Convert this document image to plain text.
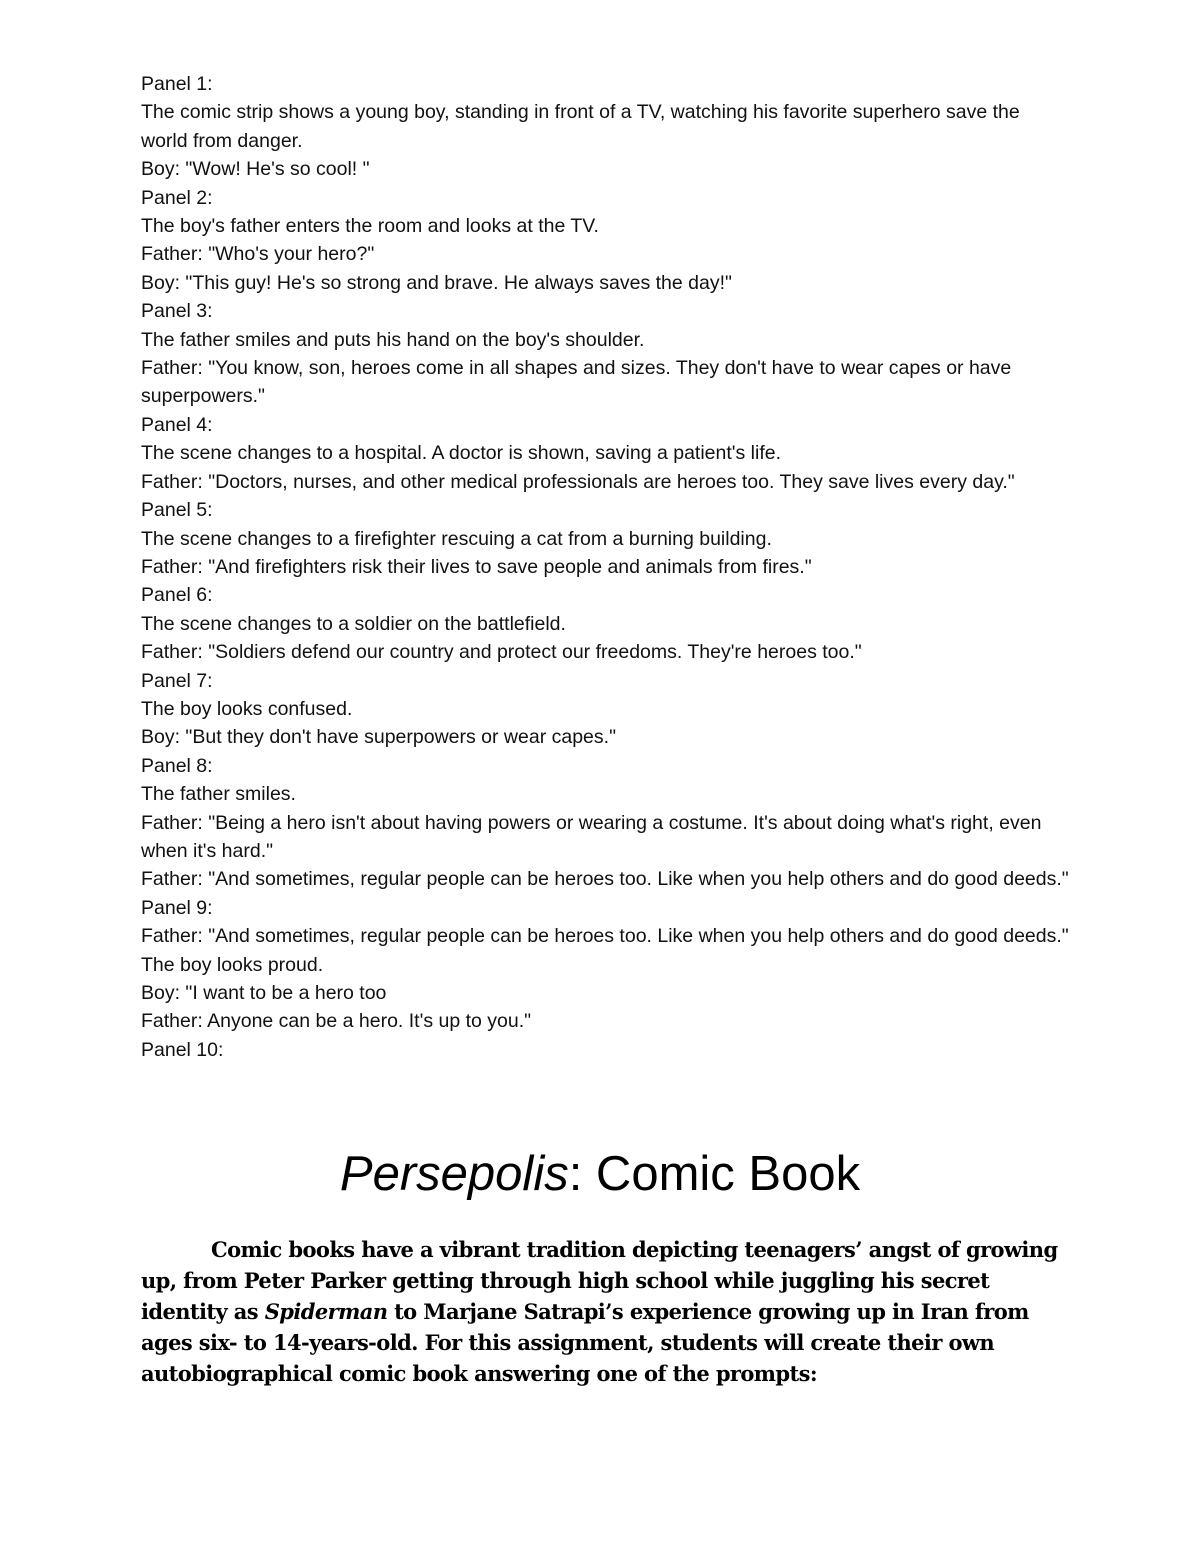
Panel 1:

The comic strip shows a young boy, standing in front of a TV, watching his favorite superhero save the world from danger.

Boy: "Wow! He's so cool! "

Panel 2:

The boy's father enters the room and looks at the TV.

Father: "Who's your hero?"

Boy: "This guy! He's so strong and brave. He always saves the day!"

Panel 3:

The father smiles and puts his hand on the boy's shoulder.

Father: "You know, son, heroes come in all shapes and sizes. They don't have to wear capes or have superpowers."

Panel 4:

The scene changes to a hospital. A doctor is shown, saving a patient's life.

Father: "Doctors, nurses, and other medical professionals are heroes too. They save lives every day."

Panel 5:

The scene changes to a firefighter rescuing a cat from a burning building.

Father: "And firefighters risk their lives to save people and animals from fires."

Panel 6:

The scene changes to a soldier on the battlefield.

Father: "Soldiers defend our country and protect our freedoms. They're heroes too."

Panel 7:

The boy looks confused.

Boy: "But they don't have superpowers or wear capes."

Panel 8:

The father smiles.

Father: "Being a hero isn't about having powers or wearing a costume. It's about doing what's right, even when it's hard."

Father: "And sometimes, regular people can be heroes too. Like when you help others and do good deeds."

Panel 9:

Father: "And sometimes, regular people can be heroes too. Like when you help others and do good deeds."

The boy looks proud.

Boy: "I want to be a hero too

Father: Anyone can be a hero. It's up to you."

Panel 10:

Persepolis: Comic Book

Comic books have a vibrant tradition depicting teenagers’ angst of growing up, from Peter Parker getting through high school while juggling his secret identity as Spiderman to Marjane Satrapi’s experience growing up in Iran from ages six- to 14-years-old. For this assignment, students will create their own autobiographical comic book answering one of the prompts:
